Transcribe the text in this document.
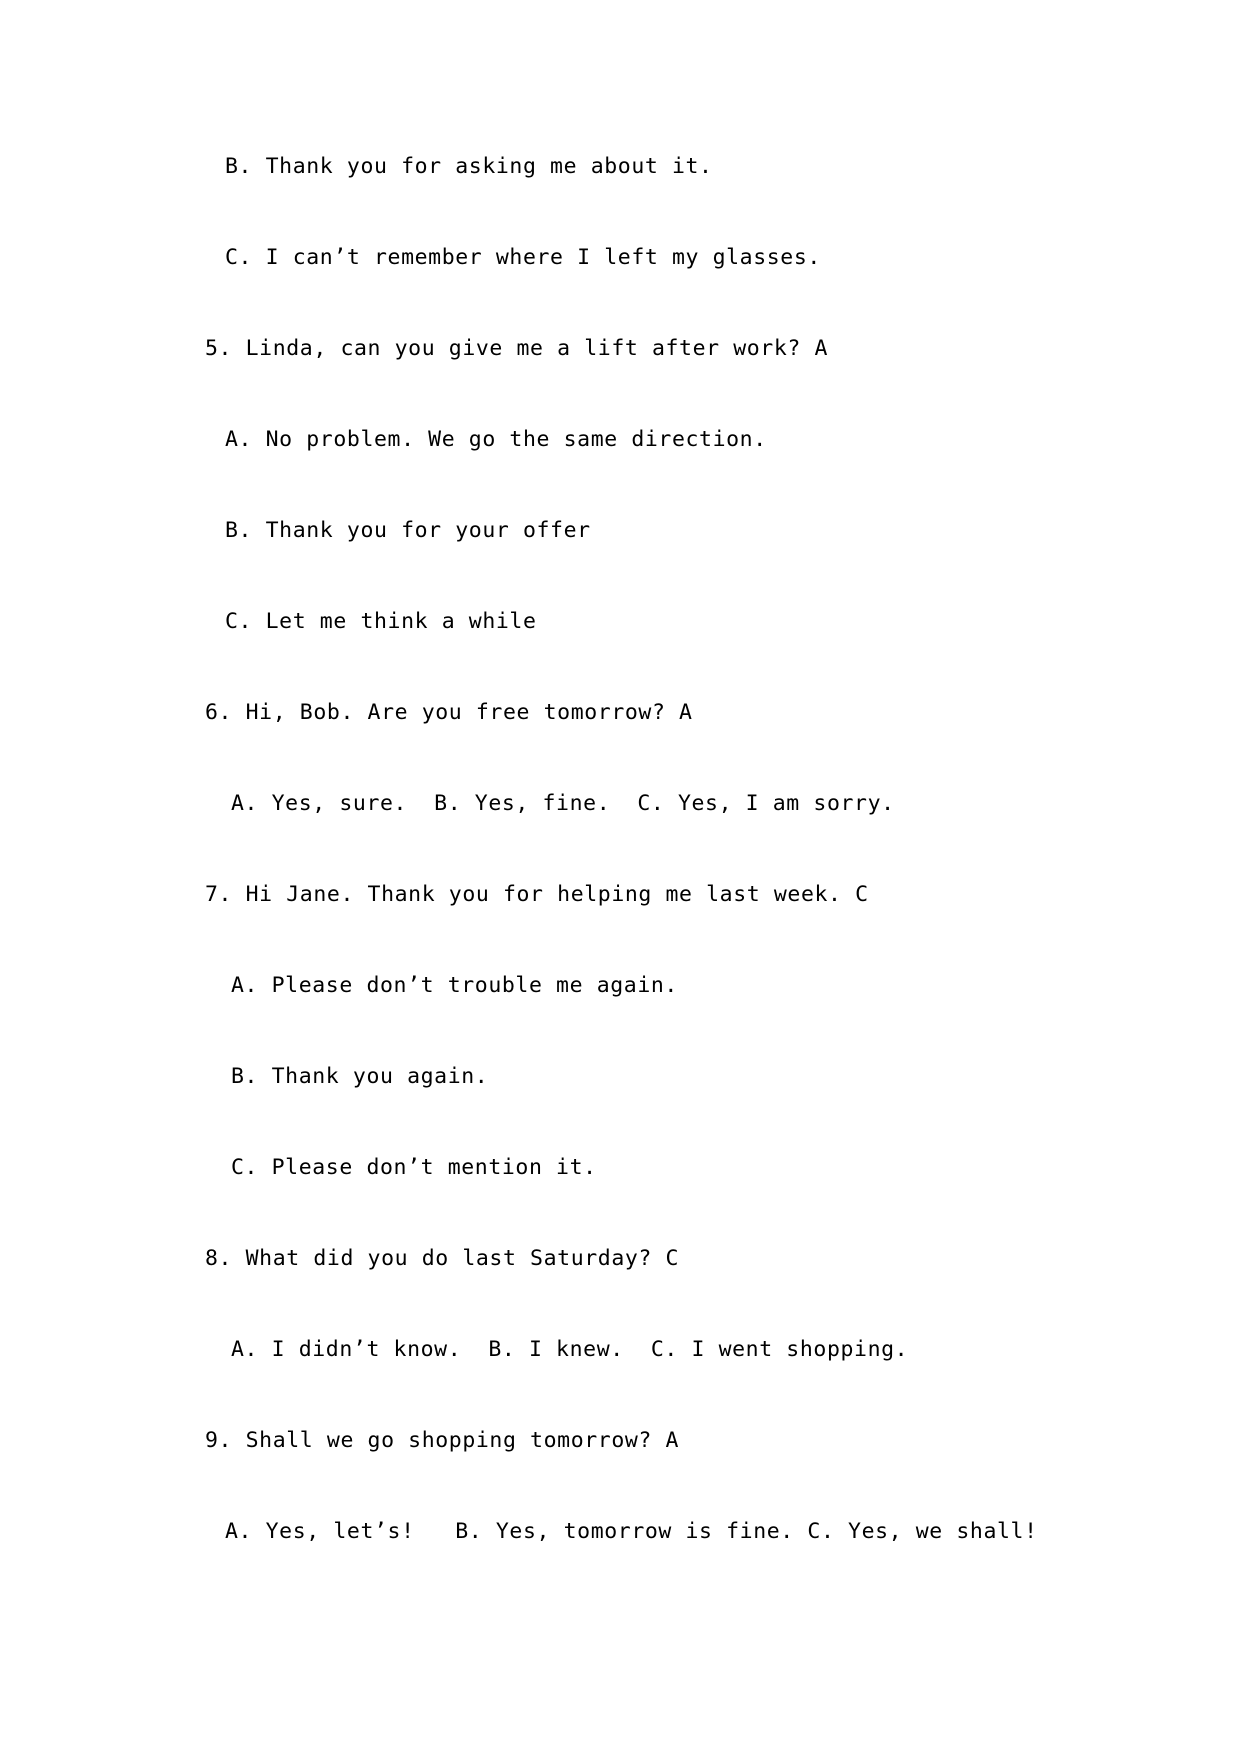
B. Thank you for asking me about it.
C. I can’t remember where I left my glasses.
5. Linda, can you give me a lift after work? A
A. No problem. We go the same direction.
B. Thank you for your offer
C. Let me think a while
6. Hi, Bob. Are you free tomorrow? A
A. Yes, sure.  B. Yes, fine.  C. Yes, I am sorry.
7. Hi Jane. Thank you for helping me last week. C
A. Please don’t trouble me again.
B. Thank you again.
C. Please don’t mention it.
8. What did you do last Saturday? C
A. I didn’t know.  B. I knew.  C. I went shopping.
9. Shall we go shopping tomorrow? A
A. Yes, let’s!   B. Yes, tomorrow is fine. C. Yes, we shall!
